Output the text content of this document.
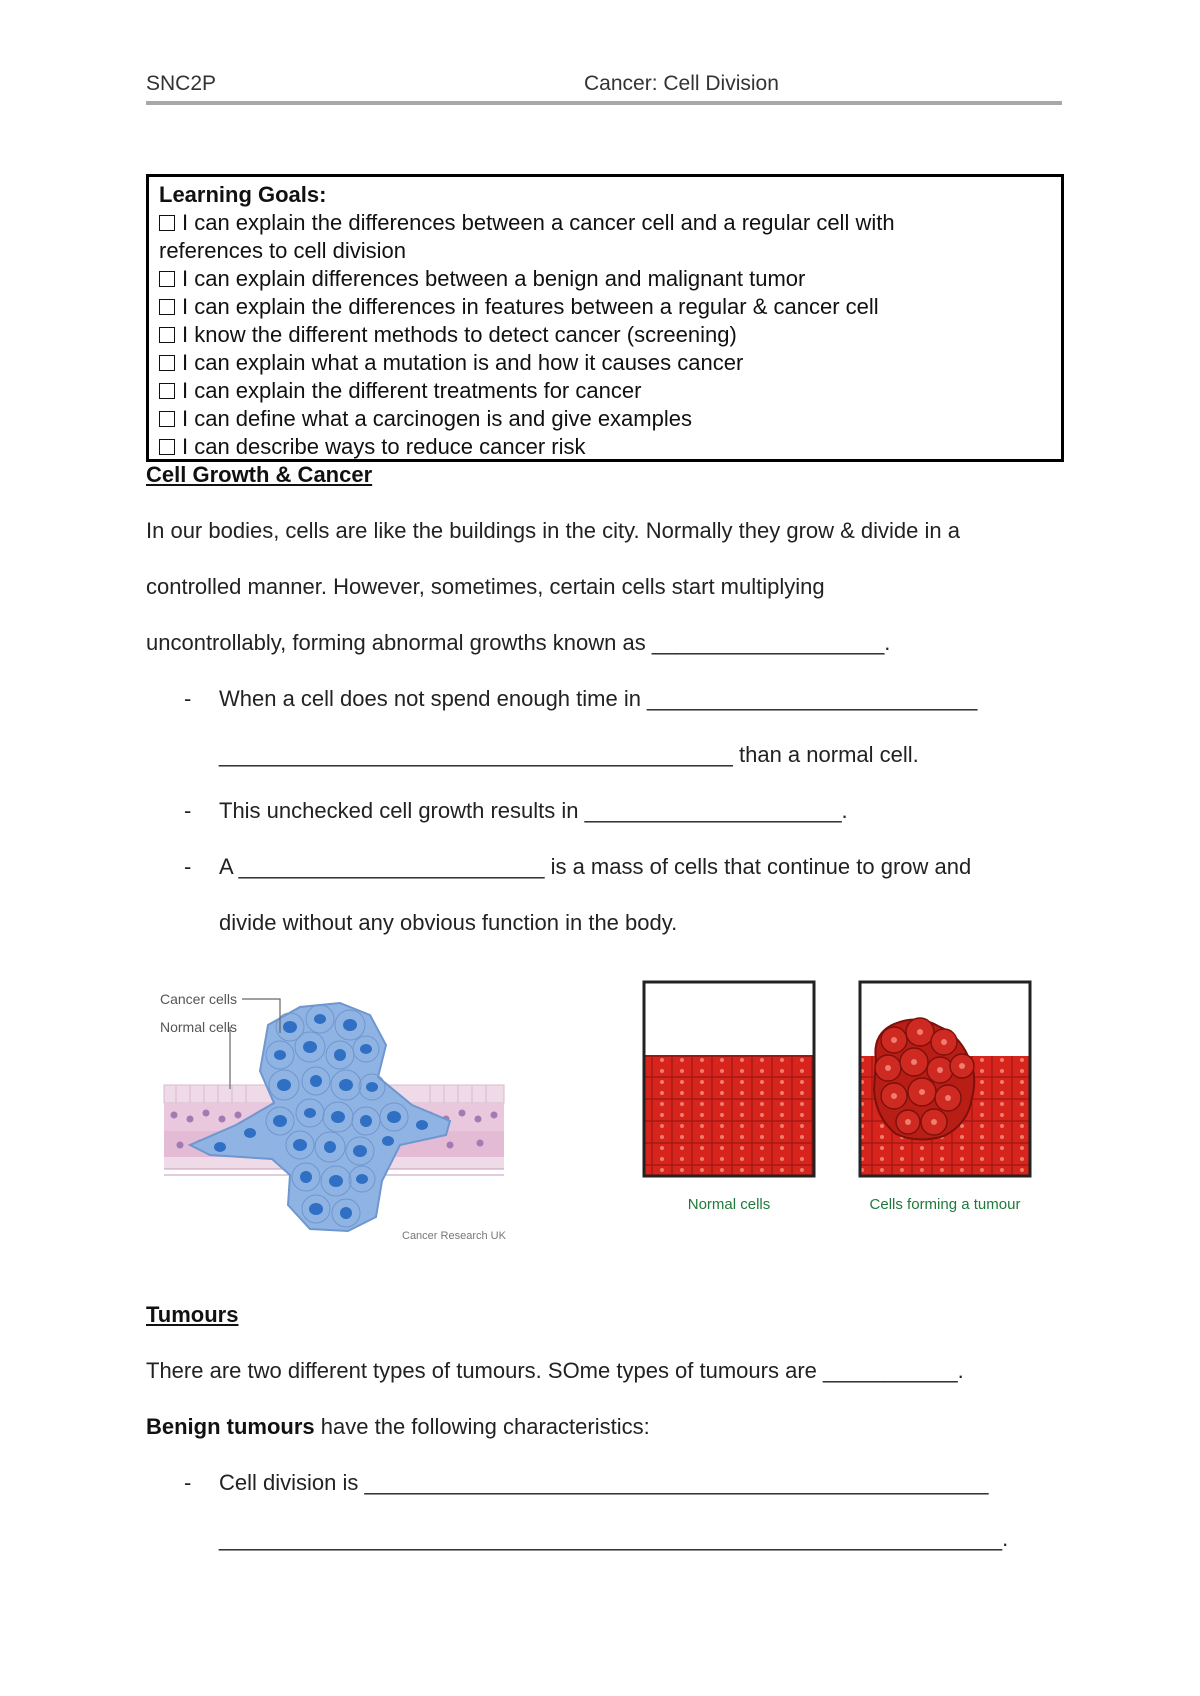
SNC2P	Cancer: Cell Division
Learning Goals:
I can explain the differences between a cancer cell and a regular cell with
references to cell division
I can explain differences between a benign and malignant tumor
I can explain the differences in features between a regular & cancer cell
I know the different methods to detect cancer (screening)
I can explain what a mutation is and how it causes cancer
I can explain the different treatments for cancer
I can define what a carcinogen is and give examples
I can describe ways to reduce cancer risk
Cell Growth & Cancer
In our bodies, cells are like the buildings in the city. Normally they grow & divide in a
controlled manner. However, sometimes, certain cells start multiplying
uncontrollably, forming abnormal growths known as ___________________.
- When a cell does not spend enough time in ___________________________
__________________________________________ than a normal cell.
- This unchecked cell growth results in _____________________.
- A _________________________ is a mass of cells that continue to grow and
divide without any obvious function in the body.
Cancer cells
Normal cells
Cancer Research UK
Normal cells	Cells forming a tumour
Tumours
There are two different types of tumours. SOme types of tumours are ___________.
Benign tumours have the following characteristics:
- Cell division is ___________________________________________________
________________________________________________________________.
